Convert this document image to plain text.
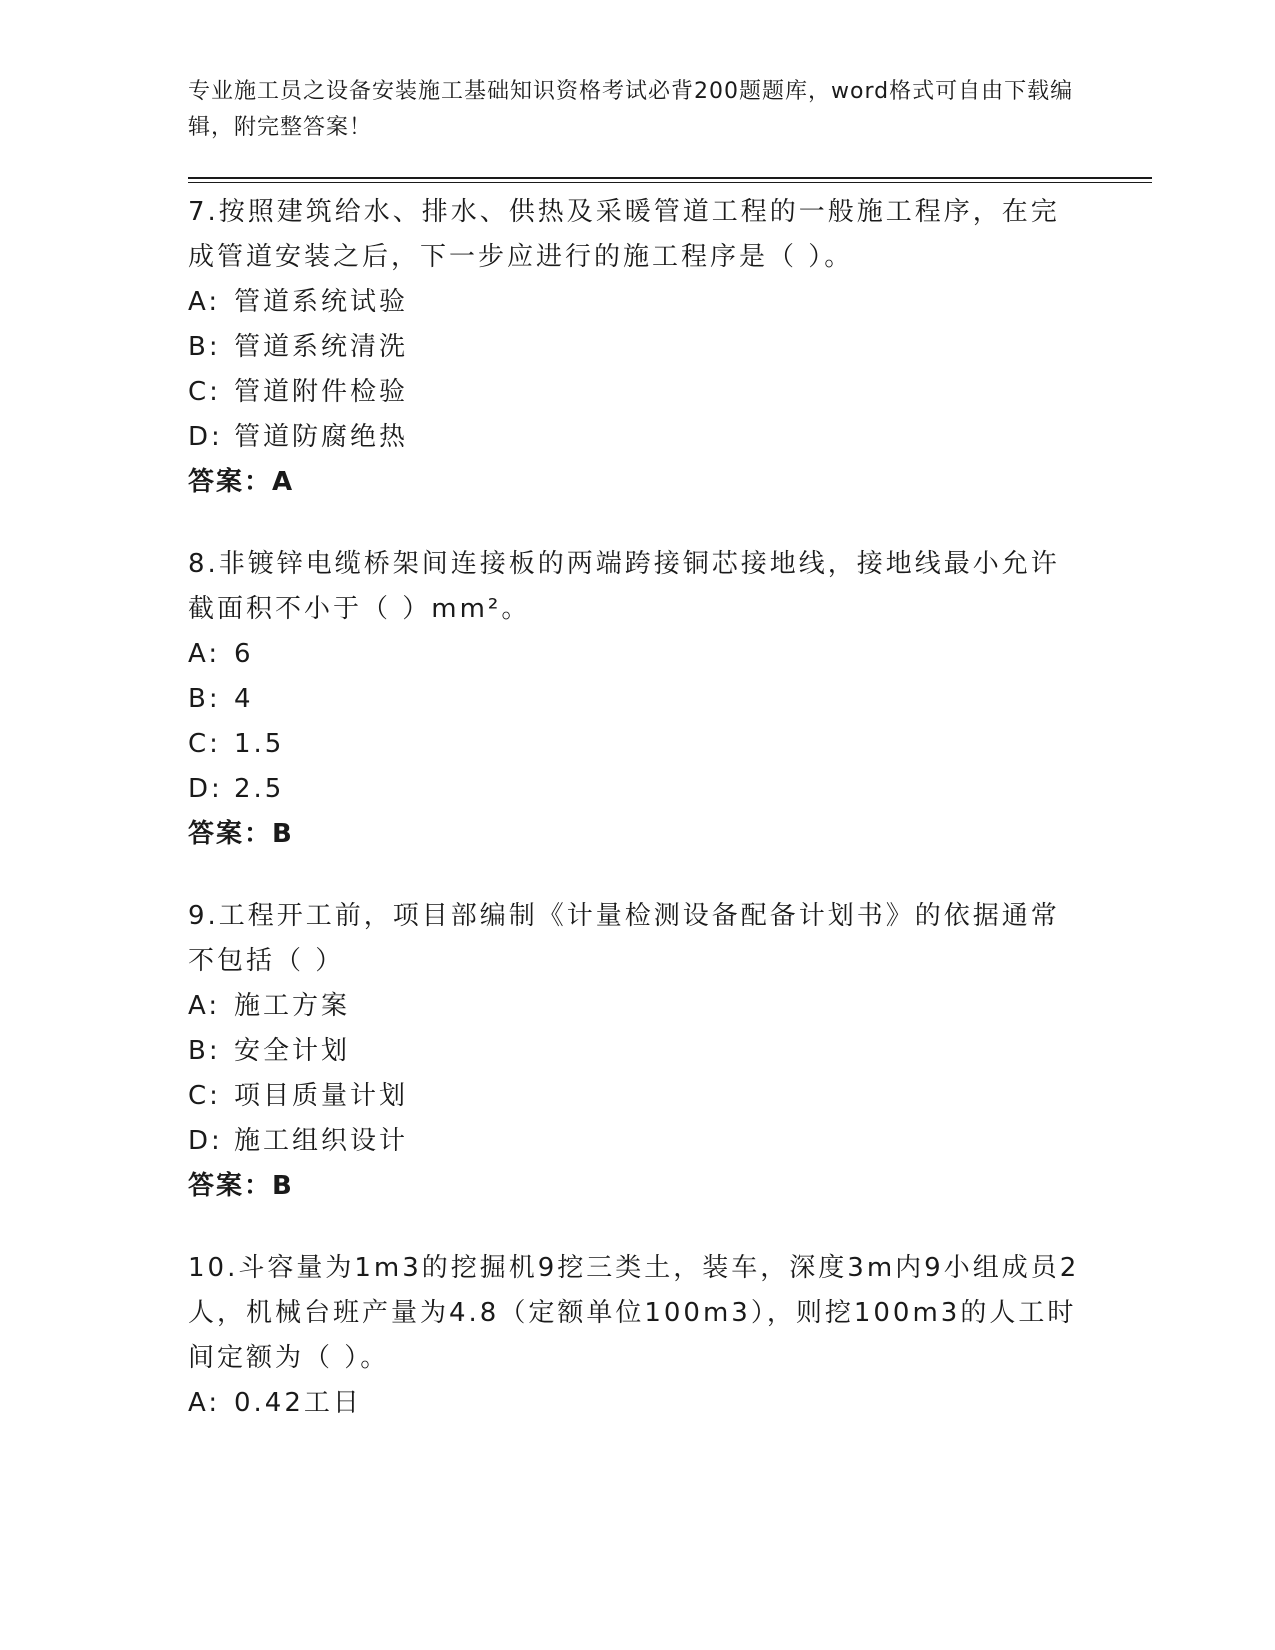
专业施工员之设备安装施工基础知识资格考试必背200题题库，word格式可自由下载编辑，附完整答案！

7.按照建筑给水、排水、供热及采暖管道工程的一般施工程序，在完成管道安装之后，下一步应进行的施工程序是（ ）。

A: 管道系统试验

B: 管道系统清洗

C: 管道附件检验

D: 管道防腐绝热

答案：A

8.非镀锌电缆桥架间连接板的两端跨接铜芯接地线，接地线最小允许截面积不小于（ ）mm²。

A: 6

B: 4

C: 1.5

D: 2.5

答案：B

9.工程开工前，项目部编制《计量检测设备配备计划书》的依据通常不包括（ ）

A: 施工方案

B: 安全计划

C: 项目质量计划

D: 施工组织设计

答案：B

10.斗容量为1m3的挖掘机9挖三类土，装车，深度3m内9小组成员2人，机械台班产量为4.8（定额单位100m3），则挖100m3的人工时间定额为（ ）。

A: 0.42工日
